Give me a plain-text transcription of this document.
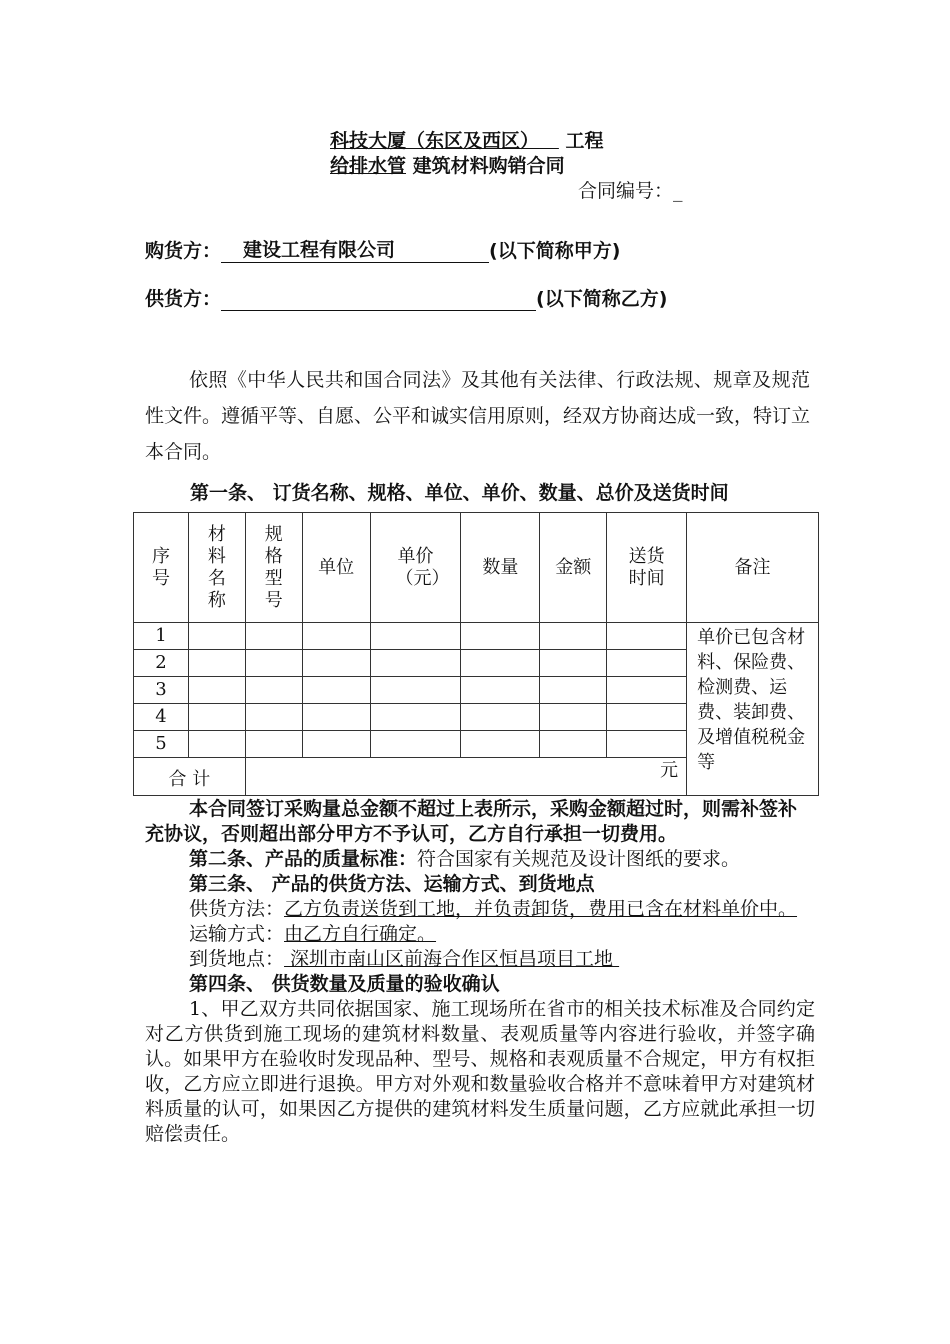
科技大厦（东区及西区） 工程
给排水管 建筑材料购销合同
合同编号：_
购货方： 建设工程有限公司	(以下简称甲方)
供货方：	(以下简称乙方)
依照《中华人民共和国合同法》及其他有关法律、行政法规、规章及规范性文件。遵循平等、自愿、公平和诚实信用原则，经双方协商达成一致，特订立本合同。
第一条、 订货名称、规格、单位、单价、数量、总价及送货时间
序号	材料名称	规格型号	单位	单价（元）	数量	金额	送货时间	备注
1								单价已包含材料、保险费、检测费、运费、装卸费、及增值税税金等
2								
3								
4								
5								
合 计		元						

本合同签订采购量总金额不超过上表所示，采购金额超过时，则需补签补充协议，否则超出部分甲方不予认可，乙方自行承担一切费用。

第二条、产品的质量标准：符合国家有关规范及设计图纸的要求。

第三条、 产品的供货方法、运输方式、到货地点

供货方法：乙方负责送货到工地，并负责卸货，费用已含在材料单价中。

运输方式：由乙方自行确定。

到货地点： 深圳市南山区前海合作区恒昌项目工地

第四条、 供货数量及质量的验收确认

1、甲乙双方共同依据国家、施工现场所在省市的相关技术标准及合同约定对乙方供货到施工现场的建筑材料数量、表观质量等内容进行验收，并签字确认。如果甲方在验收时发现品种、型号、规格和表观质量不合规定，甲方有权拒收，乙方应立即进行退换。甲方对外观和数量验收合格并不意味着甲方对建筑材料质量的认可，如果因乙方提供的建筑材料发生质量问题，乙方应就此承担一切赔偿责任。
